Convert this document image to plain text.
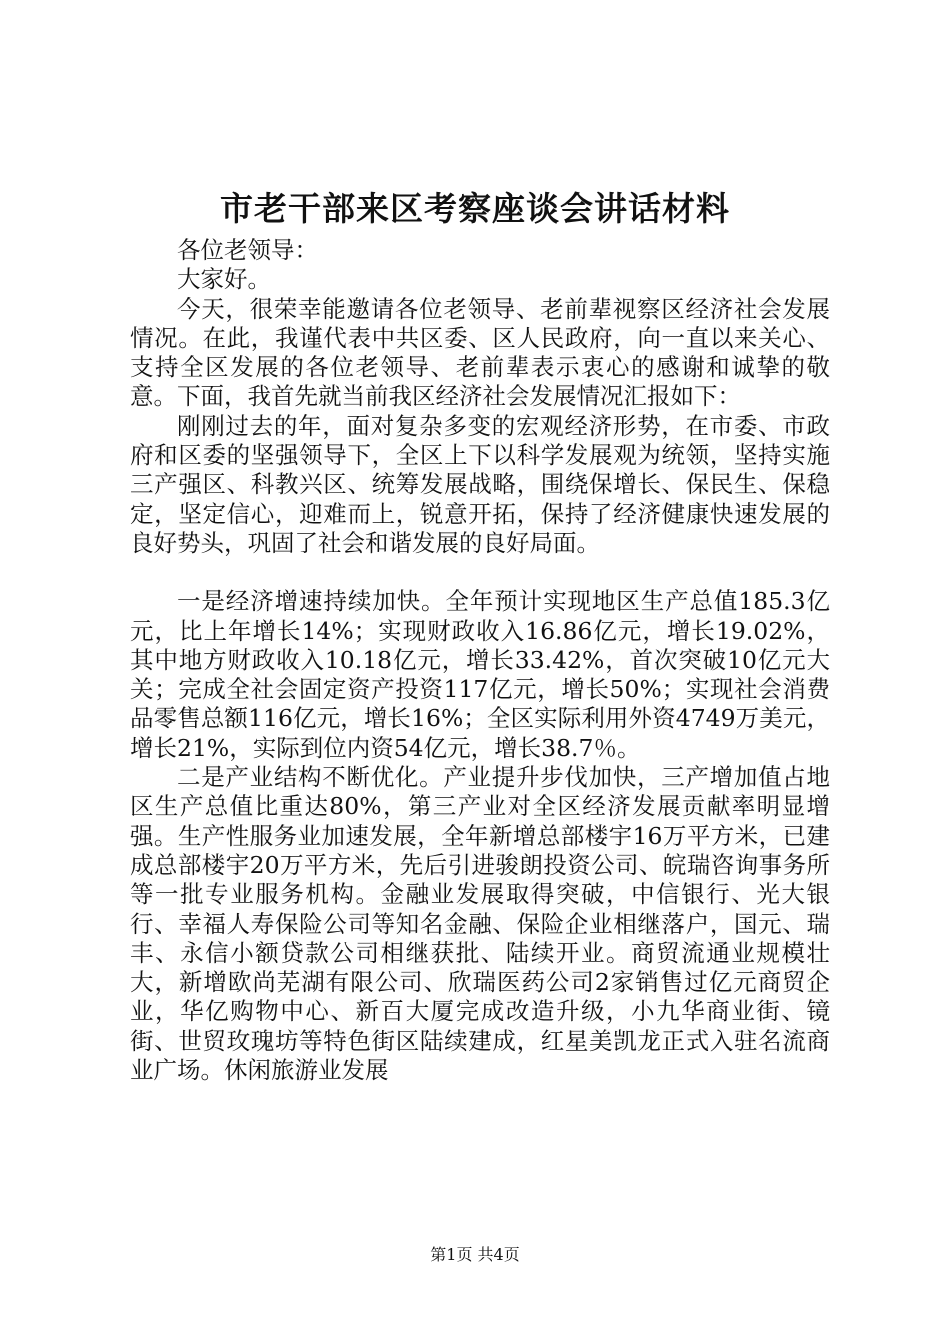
市老干部来区考察座谈会讲话材料

各位老领导：

大家好。

今天，很荣幸能邀请各位老领导、老前辈视察区经济社会发展情况。在此，我谨代表中共区委、区人民政府，向一直以来关心、支持全区发展的各位老领导、老前辈表示衷心的感谢和诚挚的敬意。下面，我首先就当前我区经济社会发展情况汇报如下：

刚刚过去的年，面对复杂多变的宏观经济形势，在市委、市政府和区委的坚强领导下，全区上下以科学发展观为统领，坚持实施三产强区、科教兴区、统筹发展战略，围绕保增长、保民生、保稳定，坚定信心，迎难而上，锐意开拓，保持了经济健康快速发展的良好势头，巩固了社会和谐发展的良好局面。

一是经济增速持续加快。全年预计实现地区生产总值185.3亿元，比上年增长14%；实现财政收入16.86亿元，增长19.02%，其中地方财政收入10.18亿元，增长33.42%，首次突破10亿元大关；完成全社会固定资产投资117亿元，增长50%；实现社会消费品零售总额116亿元，增长16%；全区实际利用外资4749万美元，增长21%，实际到位内资54亿元，增长38.7％。

二是产业结构不断优化。产业提升步伐加快，三产增加值占地区生产总值比重达80%，第三产业对全区经济发展贡献率明显增强。生产性服务业加速发展，全年新增总部楼宇16万平方米，已建成总部楼宇20万平方米，先后引进骏朗投资公司、皖瑞咨询事务所等一批专业服务机构。金融业发展取得突破，中信银行、光大银行、幸福人寿保险公司等知名金融、保险企业相继落户，国元、瑞丰、永信小额贷款公司相继获批、陆续开业。商贸流通业规模壮大，新增欧尚芜湖有限公司、欣瑞医药公司2家销售过亿元商贸企业，华亿购物中心、新百大厦完成改造升级，小九华商业街、镜街、世贸玫瑰坊等特色街区陆续建成，红星美凯龙正式入驻名流商业广场。休闲旅游业发展

第1页 共4页
